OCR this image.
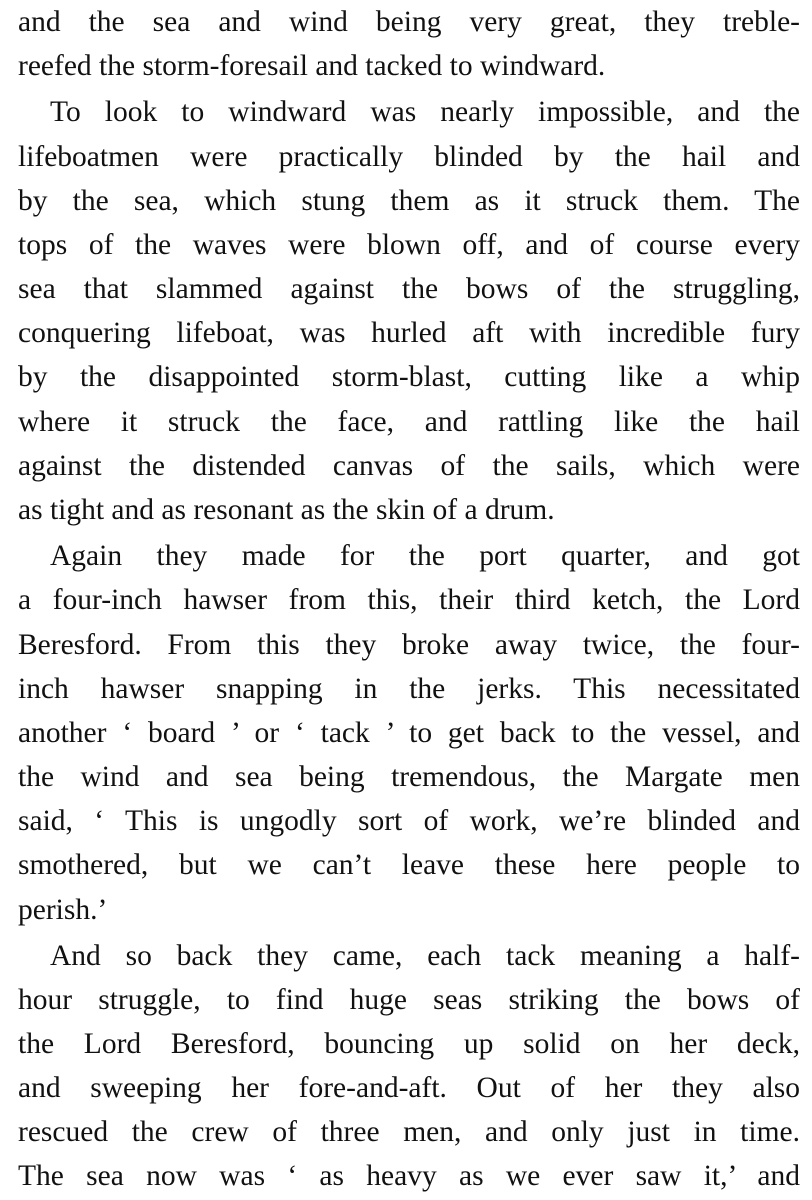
and the sea and wind being very great, they treble-
reefed the storm-foresail and tacked to windward.
To look to windward was nearly impossible, and the
lifeboatmen were practically blinded by the hail and
by the sea, which stung them as it struck them. The
tops of the waves were blown off, and of course every
sea that slammed against the bows of the struggling,
conquering lifeboat, was hurled aft with incredible fury
by the disappointed storm-blast, cutting like a whip
where it struck the face, and rattling like the hail
against the distended canvas of the sails, which were
as tight and as resonant as the skin of a drum.
Again they made for the port quarter, and got
a four-inch hawser from this, their third ketch, the Lord
Beresford. From this they broke away twice, the four-
inch hawser snapping in the jerks. This necessitated
another ‘ board ’ or ‘ tack ’ to get back to the vessel, and
the wind and sea being tremendous, the Margate men
said, ‘ This is ungodly sort of work, we’re blinded and
smothered, but we can’t leave these here people to
perish.’
And so back they came, each tack meaning a half-
hour struggle, to find huge seas striking the bows of
the Lord Beresford, bouncing up solid on her deck,
and sweeping her fore-and-aft. Out of her they also
rescued the crew of three men, and only just in time.
The sea now was ‘ as heavy as we ever saw it,’ and
